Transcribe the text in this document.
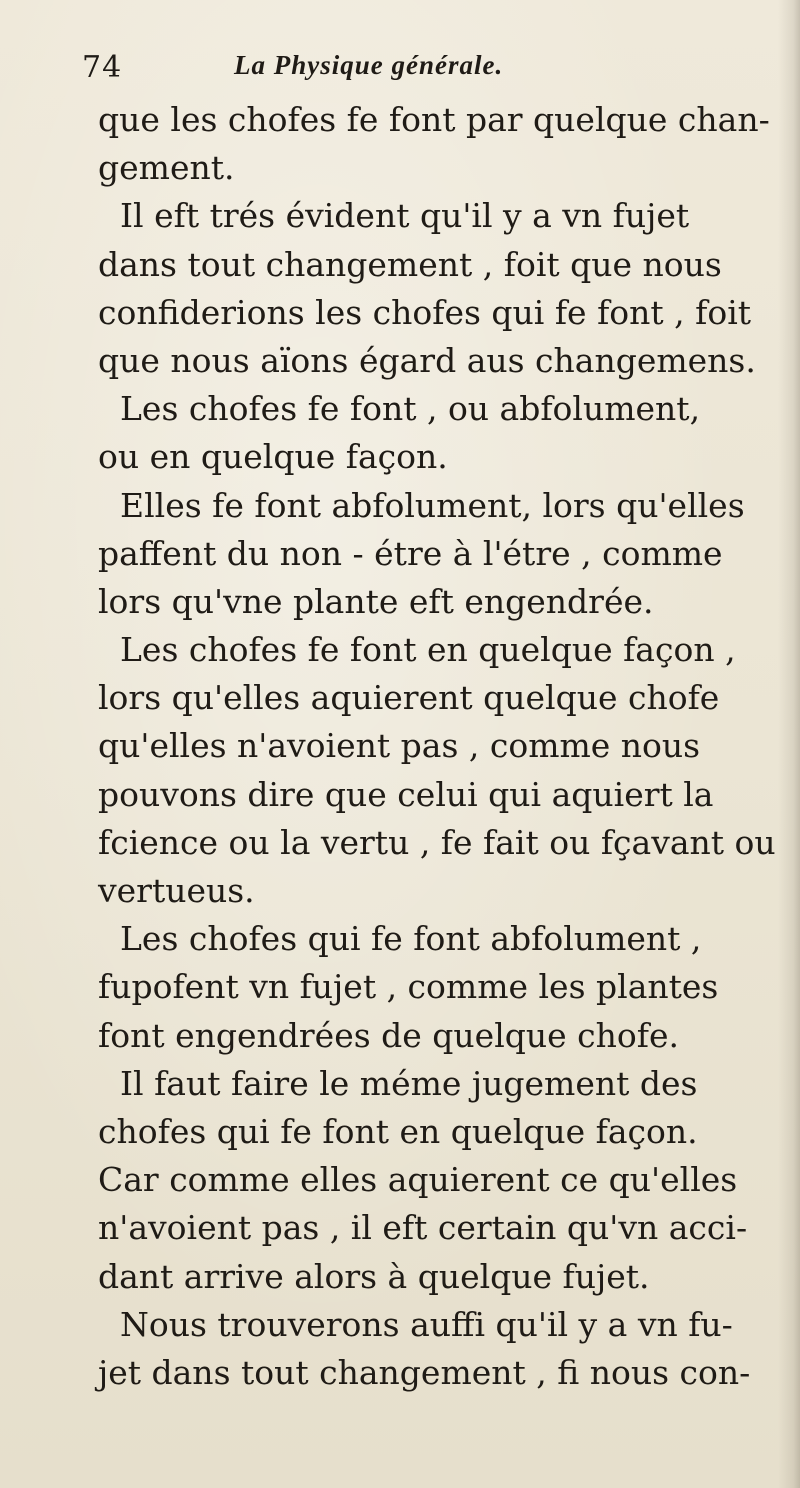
74	La Physique générale.
que les chofes fe font par quelque chan-
gement.
Il eft trés évident qu'il y a vn fujet
dans tout changement , foit que nous
confiderions les chofes qui fe font , foit
que nous aïons égard aus changemens.
Les chofes fe font , ou abfolument,
ou en quelque façon.
Elles fe font abfolument, lors qu'elles
paffent du non - étre à l'étre , comme
lors qu'vne plante eft engendrée.
Les chofes fe font en quelque façon ,
lors qu'elles aquierent quelque chofe
qu'elles n'avoient pas , comme nous
pouvons dire que celui qui aquiert la
fcience ou la vertu , fe fait ou fçavant ou
vertueus.
Les chofes qui fe font abfolument ,
fupofent vn fujet , comme les plantes
font engendrées de quelque chofe.
Il faut faire le méme jugement des
chofes qui fe font en quelque façon.
Car comme elles aquierent ce qu'elles
n'avoient pas , il eft certain qu'vn acci-
dant arrive alors à quelque fujet.
Nous trouverons auffi qu'il y a vn fu-
jet dans tout changement , fi nous con-
